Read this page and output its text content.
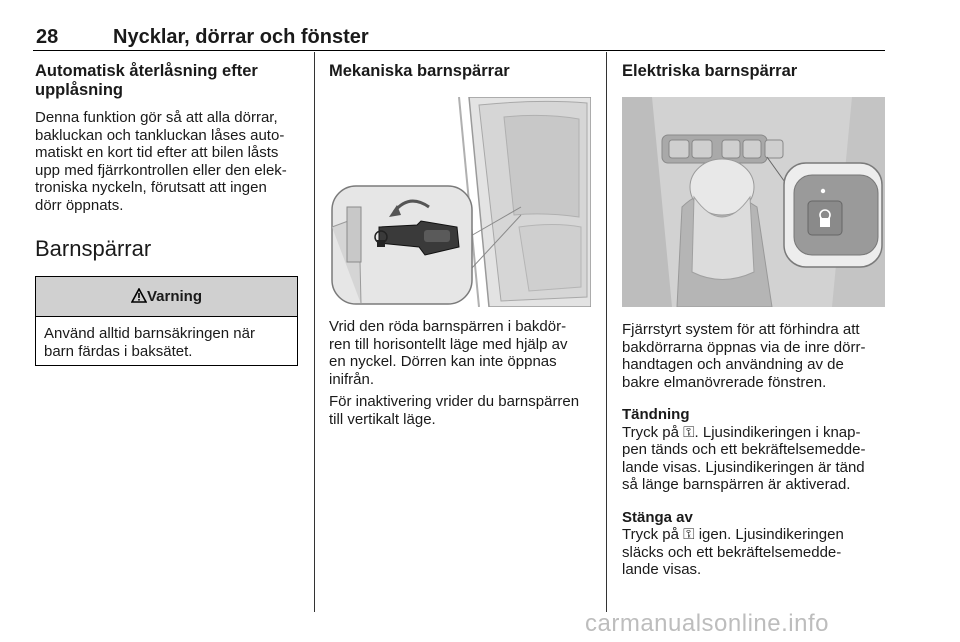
28	Nycklar, dörrar och fönster
Automatisk återlåsning efter
upplåsning

Denna funktion gör så att alla dörrar,

bakluckan och tankluckan låses auto-

matiskt en kort tid efter att bilen låsts

upp med fjärrkontrollen eller den elek-

troniska nyckeln, förutsatt att ingen

dörr öppnats.

Barnspärrar
Varning
Använd alltid barnsäkringen när
barn färdas i baksätet.
Mekaniska barnspärrar

Vrid den röda barnspärren i bakdör-

ren till horisontellt läge med hjälp av

en nyckel. Dörren kan inte öppnas

inifrån.

För inaktivering vrider du barnspärren

till vertikalt läge.

Elektriska barnspärrar

Fjärrstyrt system för att förhindra att

bakdörrarna öppnas via de inre dörr-

handtagen och användning av de

bakre elmanövrerade fönstren.

Tändning

Tryck på ⚿. Ljusindikeringen i knap-

pen tänds och ett bekräftelsemedde-

lande visas. Ljusindikeringen är tänd

så länge barnspärren är aktiverad.

Stänga av

Tryck på ⚿ igen. Ljusindikeringen

släcks och ett bekräftelsemedde-

lande visas.

carmanualsonline.info
